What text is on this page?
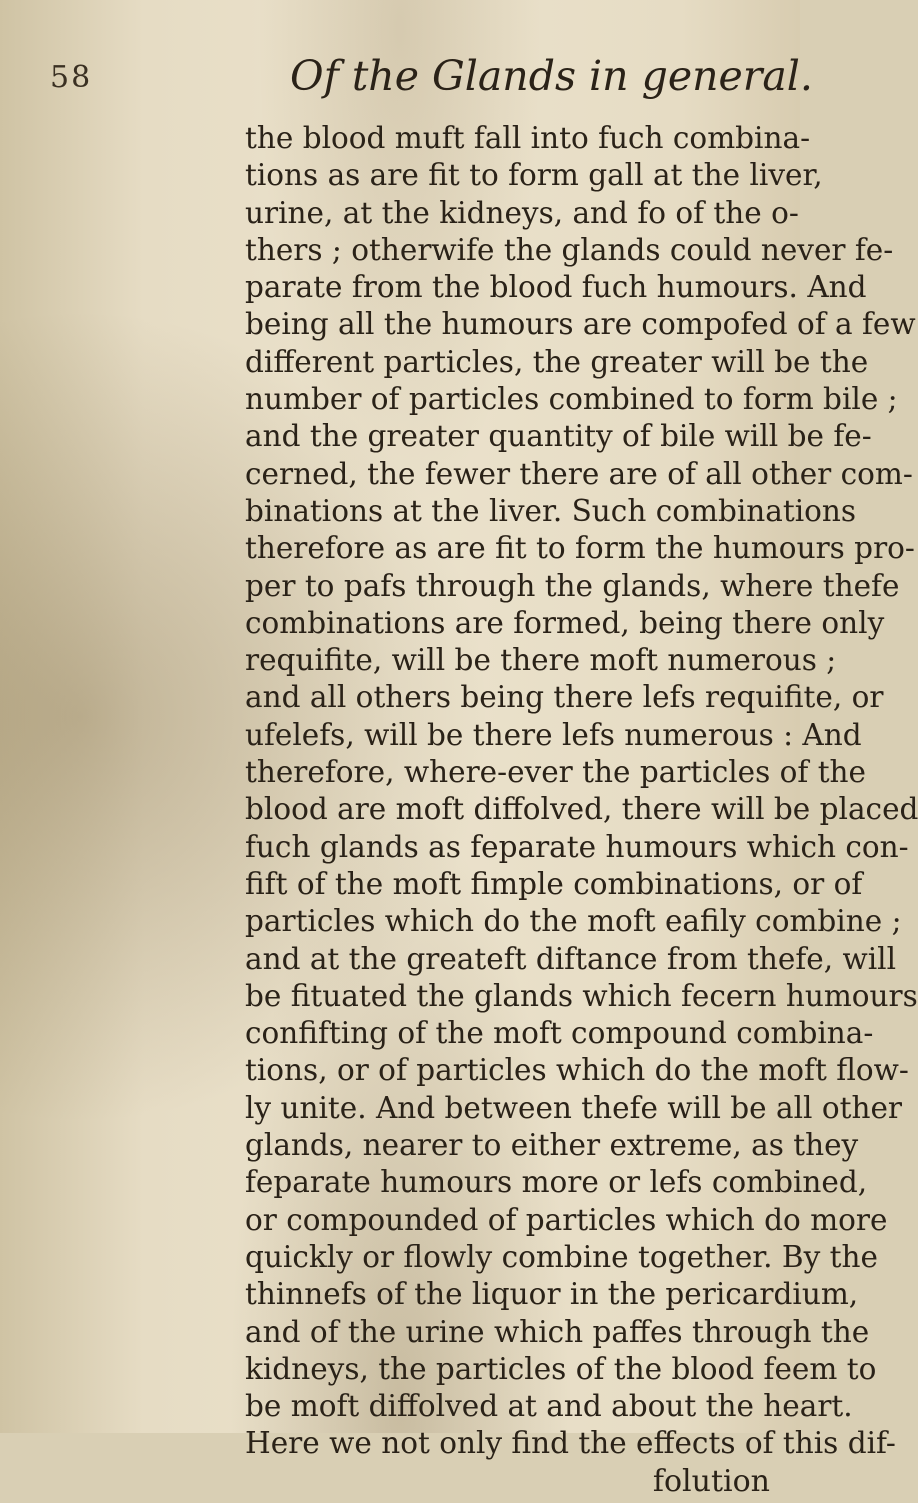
58	Of the Glands in general.
the blood muft fall into fuch combina-
tions as are fit to form gall at the liver,
urine, at the kidneys, and fo of the o-
thers ; otherwife the glands could never fe-
parate from the blood fuch humours. And
being all the humours are compofed of a few
different particles, the greater will be the
number of particles combined to form bile ;
and the greater quantity of bile will be fe-
cerned, the fewer there are of all other com-
binations at the liver. Such combinations
therefore as are fit to form the humours pro-
per to pafs through the glands, where thefe
combinations are formed, being there only
requifite, will be there moft numerous ;
and all others being there lefs requifite, or
ufelefs, will be there lefs numerous : And
therefore, where-ever the particles of the
blood are moft diffolved, there will be placed
fuch glands as feparate humours which con-
fift of the moft fimple combinations, or of
particles which do the moft eafily combine ;
and at the greateft diftance from thefe, will
be fituated the glands which fecern humours
confifting of the moft compound combina-
tions, or of particles which do the moft flow-
ly unite. And between thefe will be all other
glands, nearer to either extreme, as they
feparate humours more or lefs combined,
or compounded of particles which do more
quickly or flowly combine together. By the
thinnefs of the liquor in the pericardium,
and of the urine which paffes through the
kidneys, the particles of the blood feem to
be moft diffolved at and about the heart.
Here we not only find the effects of this dif-
folution
